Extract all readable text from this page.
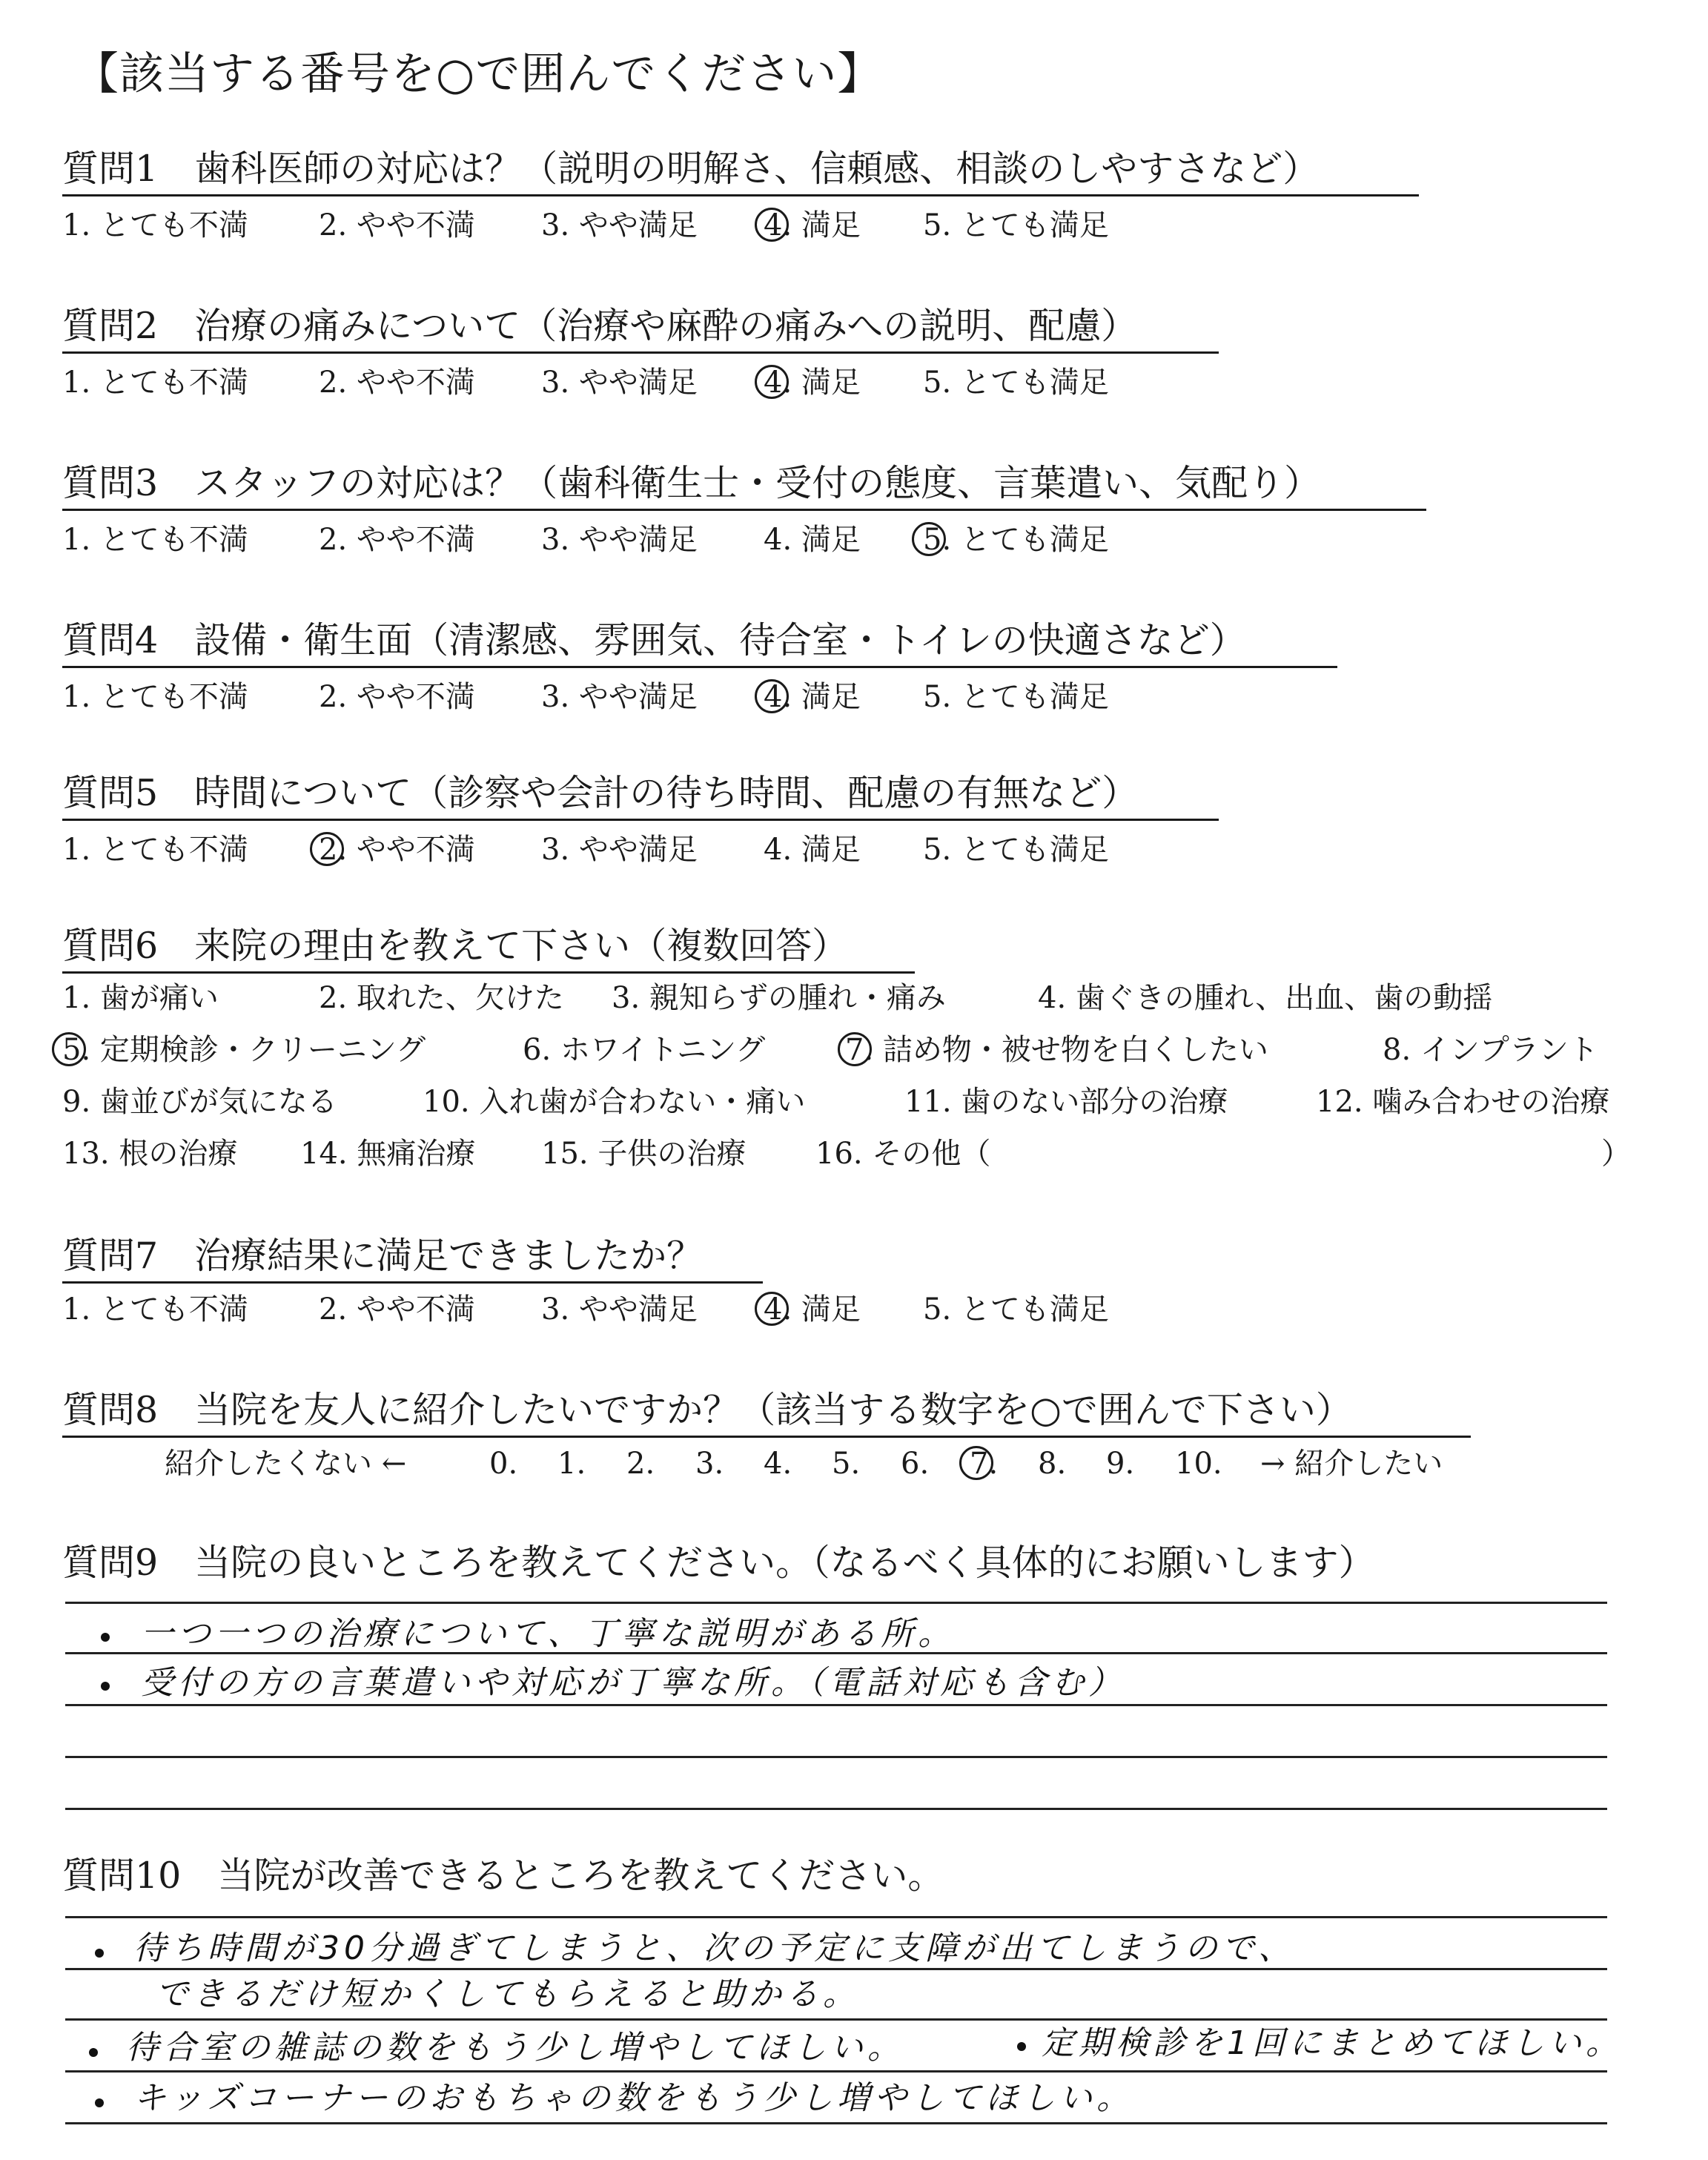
【該当する番号を○で囲んでください】
質問1　歯科医師の対応は？（説明の明解さ、信頼感、相談のしやすさなど）
1. とても不満 2. やや不満 3. やや満足 4. 満足 5. とても満足
質問2　治療の痛みについて（治療や麻酔の痛みへの説明、配慮）
1. とても不満 2. やや不満 3. やや満足 4. 満足 5. とても満足
質問3　スタッフの対応は？（歯科衛生士・受付の態度、言葉遣い、気配り）
1. とても不満 2. やや不満 3. やや満足 4. 満足 5. とても満足
質問4　設備・衛生面（清潔感、雰囲気、待合室・トイレの快適さなど）
1. とても不満 2. やや不満 3. やや満足 4. 満足 5. とても満足
質問5　時間について（診察や会計の待ち時間、配慮の有無など）
1. とても不満 2. やや不満 3. やや満足 4. 満足 5. とても満足
質問6　来院の理由を教えて下さい（複数回答）
1. 歯が痛い	2. 取れた、欠けた 3. 親知らずの腫れ・痛み	4. 歯ぐきの腫れ、出血、歯の動揺
5. 定期検診・クリーニング	6. ホワイトニング	7. 詰め物・被せ物を白くしたい	8. インプラント
9. 歯並びが気になる	10. 入れ歯が合わない・痛い	11. 歯のない部分の治療	12. 噛み合わせの治療
13. 根の治療 14. 無痛治療 15. 子供の治療 16. その他（	）
質問7　治療結果に満足できましたか？
1. とても不満 2. やや不満 3. やや満足 4. 満足 5. とても満足
質問8　当院を友人に紹介したいですか？（該当する数字を○で囲んで下さい）
紹介したくない ←	0. 1. 2. 3. 4. 5. 6. 7. 8. 9. 10. → 紹介したい
質問9　当院の良いところを教えてください。（なるべく具体的にお願いします）
一つ一つの治療について、丁寧な説明がある所。
受付の方の言葉遣いや対応が丁寧な所。（電話対応も含む）
質問10　当院が改善できるところを教えてください。
待ち時間が30分過ぎてしまうと、次の予定に支障が出てしまうので、
できるだけ短かくしてもらえると助かる。
待合室の雑誌の数をもう少し増やしてほしい。	定期検診を1回にまとめてほしい。
キッズコーナーのおもちゃの数をもう少し増やしてほしい。
